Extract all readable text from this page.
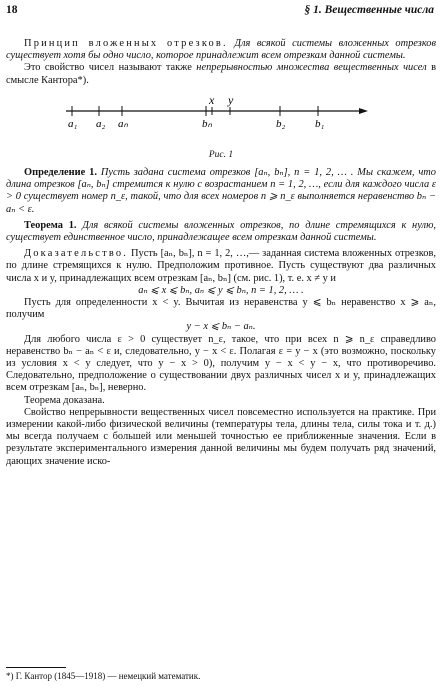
18	§ 1. Вещественные числа

Принцип вложенных отрезков. Для всякой системы вложенных отрезков существует хотя бы одно число, которое принадлежит всем отрезкам данной системы.

Это свойство чисел называют также непрерывностью множества вещественных чисел в смысле Кантора*).

x y
a₁ a₂ aₙ	bₙ	b₂	b₁
Рис. 1

Определение 1. Пусть задана система отрезков [aₙ, bₙ], n = 1, 2, … . Мы скажем, что длина отрезков [aₙ, bₙ] стремится к нулю с возрастанием n = 1, 2, …, если для каждого числа ε > 0 существует номер n_ε, такой, что для всех номеров n ⩾ n_ε выполняется неравенство bₙ − aₙ < ε.

Теорема 1. Для всякой системы вложенных отрезков, по длине стремящихся к нулю, существует единственное число, принадлежащее всем отрезкам данной системы.

Доказательство. Пусть [aₙ, bₙ], n = 1, 2, …,— заданная система вложенных отрезков, по длине стремящихся к нулю. Предположим противное. Пусть существуют два различных числа x и y, принадлежащих всем отрезкам [aₙ, bₙ] (см. рис. 1), т. е. x ≠ y и

aₙ ⩽ x ⩽ bₙ, aₙ ⩽ y ⩽ bₙ, n = 1, 2, … .

Пусть для определенности x < y. Вычитая из неравенства y ⩽ bₙ неравенство x ⩾ aₙ, получим

y − x ⩽ bₙ − aₙ.

Для любого числа ε > 0 существует n_ε, такое, что при всех n ⩾ n_ε справедливо неравенство bₙ − aₙ < ε и, следовательно, y − x < ε. Полагая ε = y − x (это возможно, поскольку из условия x < y следует, что y − x > 0), получим y − x < y − x, что противоречиво. Следовательно, предположение о существовании двух различных чисел x и y, принадлежащих всем отрезкам [aₙ, bₙ], неверно.

Теорема доказана.

Свойство непрерывности вещественных чисел повсеместно используется на практике. При измерении какой-либо физической величины (температуры тела, длины тела, силы тока и т. д.) мы всегда получаем с большей или меньшей точностью ее приближенные значения. Если в результате экспериментального измерения данной величины мы будем получать ряд значений, дающих значение иско-

*) Г. Кантор (1845—1918) — немецкий математик.
